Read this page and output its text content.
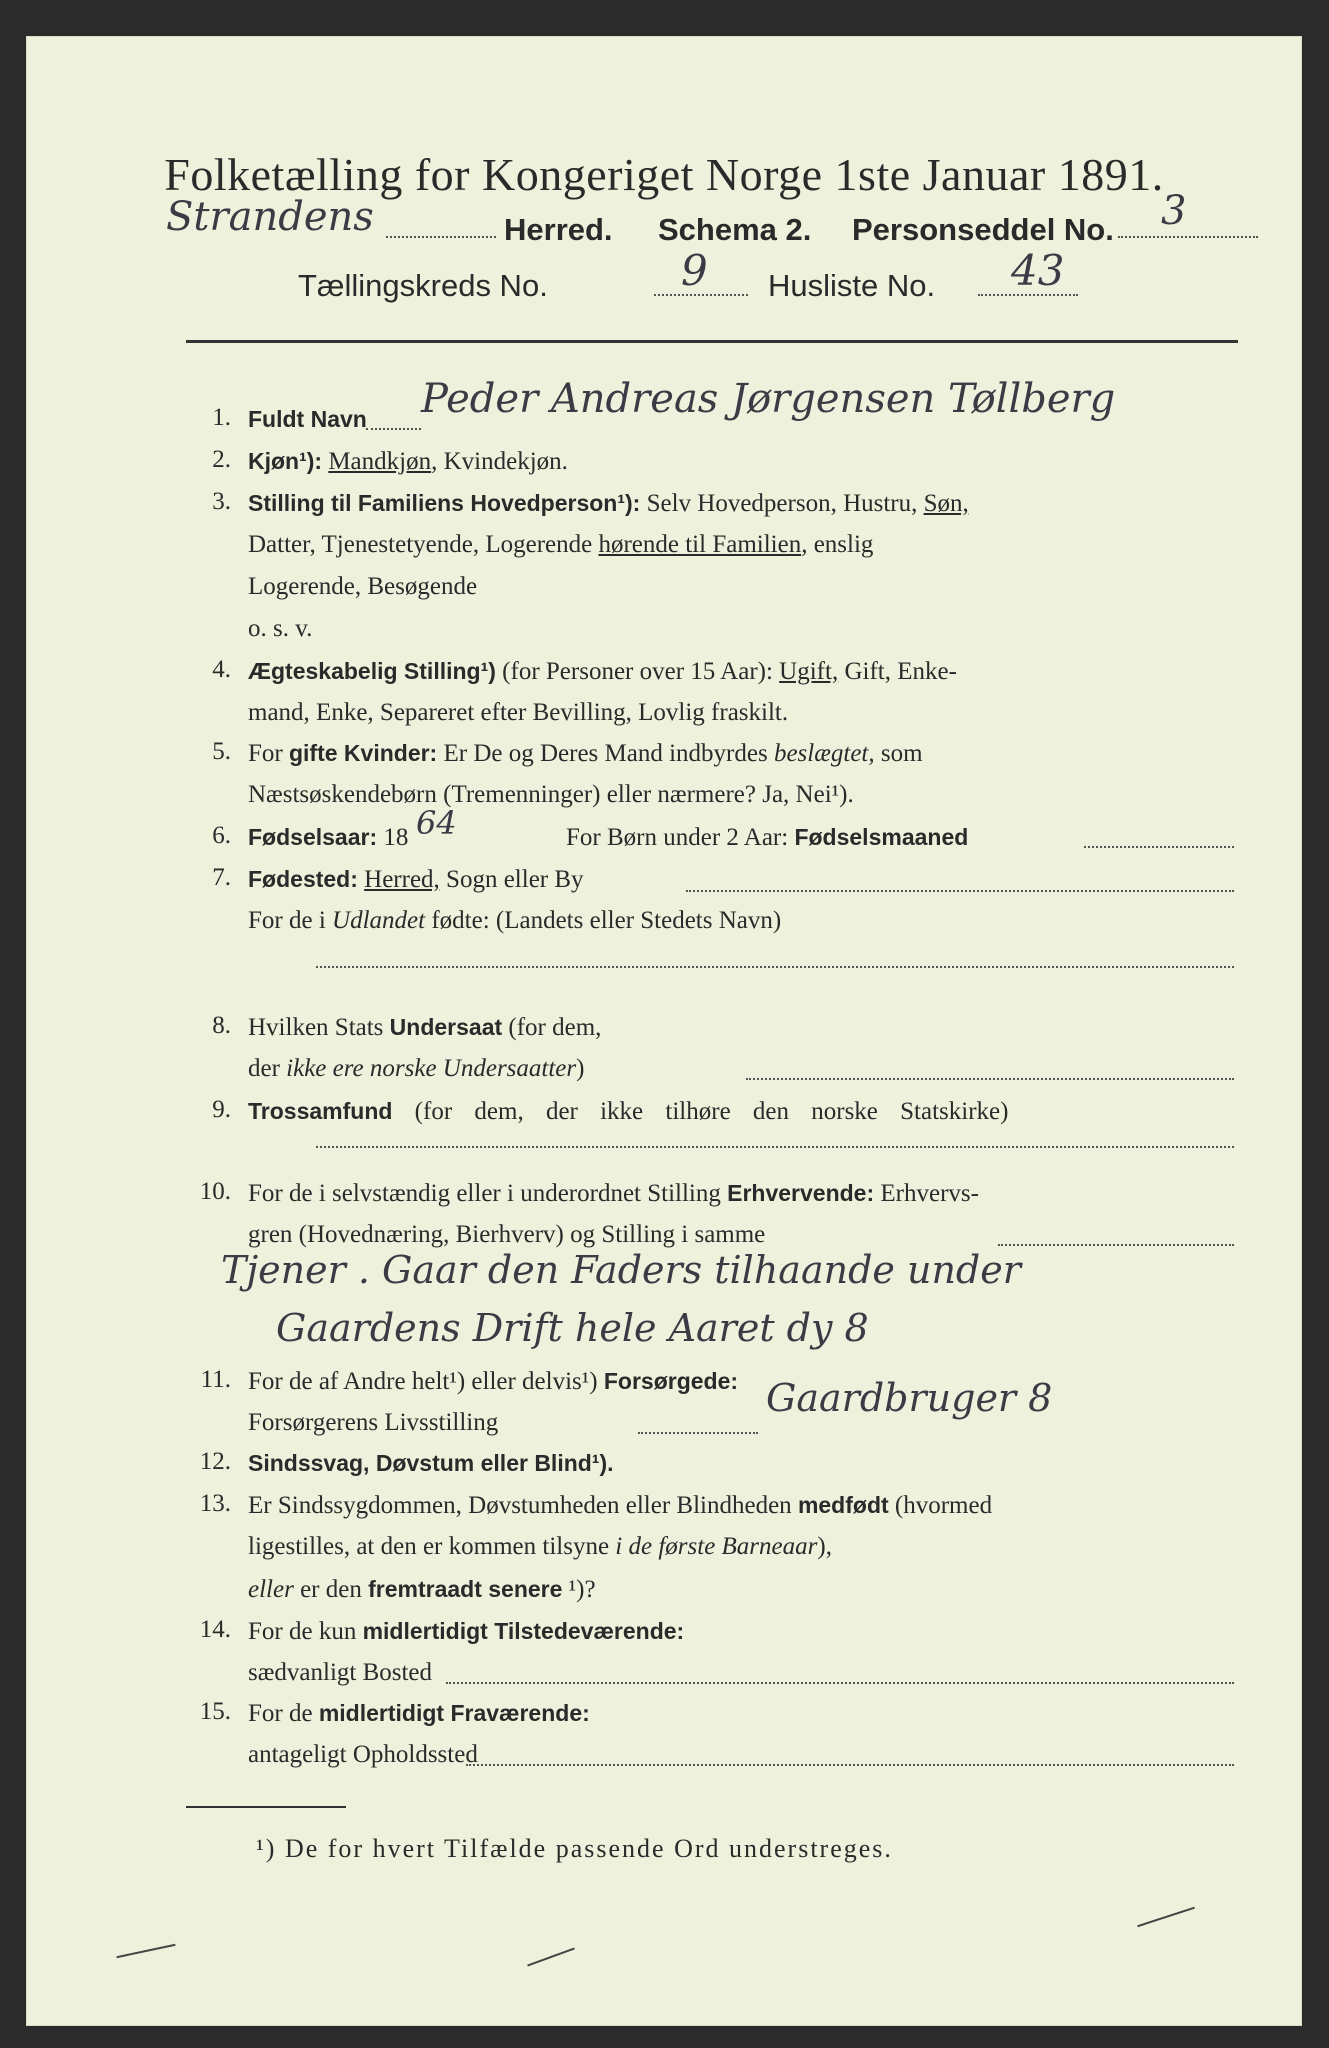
Folketælling for Kongeriget Norge 1ste Januar 1891.
Strandens	Herred. Schema 2. Personseddel No. 3
Tællingskreds No.	9 Husliste No. 43
1. Fuldt Navn Peder Andreas Jørgensen Tøllberg
2. Kjøn¹): Mandkjøn, Kvindekjøn.
3. Stilling til Familiens Hovedperson¹): Selv Hovedperson, Hustru, Søn,
Datter, Tjenestetyende, Logerende hørende til Familien, enslig
Logerende, Besøgende
o. s. v.
4. Ægteskabelig Stilling¹) (for Personer over 15 Aar): Ugift, Gift, Enke-
mand, Enke, Separeret efter Bevilling, Lovlig fraskilt.
5. For gifte Kvinder: Er De og Deres Mand indbyrdes beslægtet, som
Næstsøskendebørn (Tremenninger) eller nærmere? Ja, Nei¹).
6. Fødselsaar: 18 64	For Børn under 2 Aar: Fødselsmaaned
7. Fødested: Herred, Sogn eller By
For de i Udlandet fødte: (Landets eller Stedets Navn)
8. Hvilken Stats Undersaat (for dem,
der ikke ere norske Undersaatter)
9. Trossamfund (for dem, der ikke tilhøre den norske Statskirke)
10. For de i selvstændig eller i underordnet Stilling Erhvervende: Erhvervs-
gren (Hovednæring, Bierhverv) og Stilling i samme
Tjener . Gaar den Faders tilhaande under
Gaardens Drift hele Aaret dy 8
11. For de af Andre helt¹) eller delvis¹) Forsørgede:
Forsørgerens Livsstilling
Gaardbruger 8
12. Sindssvag, Døvstum eller Blind¹).
13. Er Sindssygdommen, Døvstumheden eller Blindheden medfødt (hvormed
ligestilles, at den er kommen tilsyne i de første Barneaar),
eller er den fremtraadt senere ¹)?
14. For de kun midlertidigt Tilstedeværende:
sædvanligt Bosted
15. For de midlertidigt Fraværende:
antageligt Opholdssted
¹) De for hvert Tilfælde passende Ord understreges.
